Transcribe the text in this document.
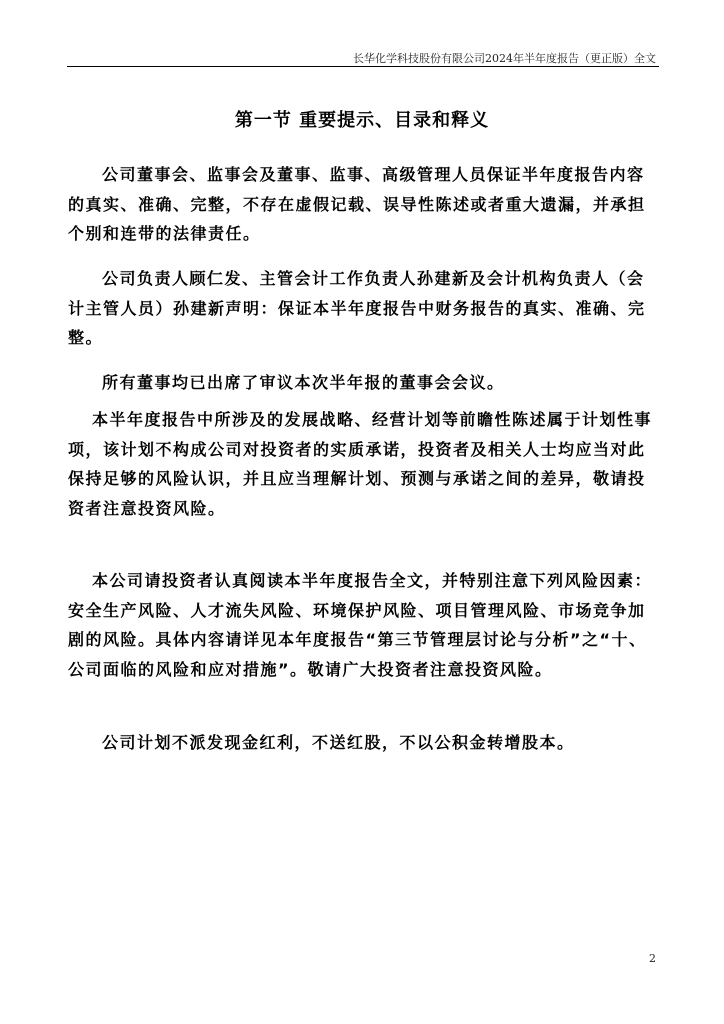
长华化学科技股份有限公司2024年半年度报告（更正版）全文
第一节 重要提示、目录和释义
公司董事会、监事会及董事、监事、高级管理人员保证半年度报告内容
的真实、准确、完整，不存在虚假记载、误导性陈述或者重大遗漏，并承担
个别和连带的法律责任。
公司负责人顾仁发、主管会计工作负责人孙建新及会计机构负责人（会
计主管人员）孙建新声明：保证本半年度报告中财务报告的真实、准确、完
整。
所有董事均已出席了审议本次半年报的董事会会议。
本半年度报告中所涉及的发展战略、经营计划等前瞻性陈述属于计划性事
项，该计划不构成公司对投资者的实质承诺，投资者及相关人士均应当对此
保持足够的风险认识，并且应当理解计划、预测与承诺之间的差异，敬请投
资者注意投资风险。
本公司请投资者认真阅读本半年度报告全文，并特别注意下列风险因素：
安全生产风险、人才流失风险、环境保护风险、项目管理风险、市场竞争加
剧的风险。具体内容请详见本年度报告“第三节管理层讨论与分析”之“十、
公司面临的风险和应对措施”。敬请广大投资者注意投资风险。
公司计划不派发现金红利，不送红股，不以公积金转增股本。
2
